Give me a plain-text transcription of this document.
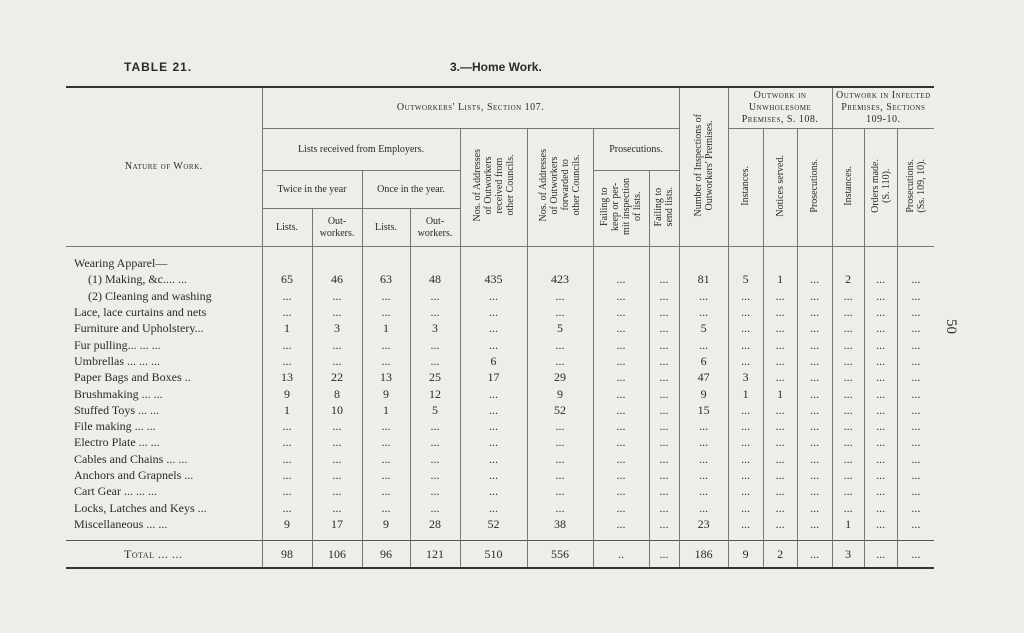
TABLE 21.	3.—Home Work.
50
Nature of Work.	Outworkers' Lists, Section 107.								Number of Inspections of
Outworkers' Premises.	Outwork in Unwholesome Premises, S. 108.			Outwork in Infected Premises, Sections 109-10.		
	Lists received from Employers.				Nos. of Addresses
of Outworkers
received from
other Councils.	Nos. of Addresses
of Outworkers
forwarded to
other Councils.	Prosecutions.			Instances.	Notices served.	Prosecutions.	Instances.	Orders made.
(S. 110).	Prosecutions.
(Ss. 109, 10).
	Twice in the year		Once in the year.				Failing to
keep or per-
mit inspection
of lists.	Failing to
send lists.							
	Lists.	Out-workers.	Lists.	Out-workers.											

Wearing Apparel—															
(1) Making, &c.... ...	65	46	63	48	435	423	...	...	81	5	1	...	2	...	...
(2) Cleaning and washing	...	...	...	...	...	...	...	...	...	...	...	...	...	...	...
Lace, lace curtains and nets	...	...	...	...	...	...	...	...	...	...	...	...	...	...	...
Furniture and Upholstery...	1	3	1	3	...	5	...	...	5	...	...	...	...	...	...
Fur pulling... ... ...	...	...	...	...	...	...	...	...	...	...	...	...	...	...	...
Umbrellas ... ... ...	...	...	...	...	6	...	...	...	6	...	...	...	...	...	...
Paper Bags and Boxes ..	13	22	13	25	17	29	...	...	47	3	...	...	...	...	...
Brushmaking ... ...	9	8	9	12	...	9	...	...	9	1	1	...	...	...	...
Stuffed Toys ... ...	1	10	1	5	...	52	...	...	15	...	...	...	...	...	...
File making ... ...	...	...	...	...	...	...	...	...	...	...	...	...	...	...	...
Electro Plate ... ...	...	...	...	...	...	...	...	...	...	...	...	...	...	...	...
Cables and Chains ... ...	...	...	...	...	...	...	...	...	...	...	...	...	...	...	...
Anchors and Grapnels ...	...	...	...	...	...	...	...	...	...	...	...	...	...	...	...
Cart Gear ... ... ...	...	...	...	...	...	...	...	...	...	...	...	...	...	...	...
Locks, Latches and Keys ...	...	...	...	...	...	...	...	...	...	...	...	...	...	...	...
Miscellaneous ... ...	9	17	9	28	52	38	...	...	23	...	...	...	1	...	...

Total ... ...	98	106	96	121	510	556	..	...	186	9	2	...	3	...	...
